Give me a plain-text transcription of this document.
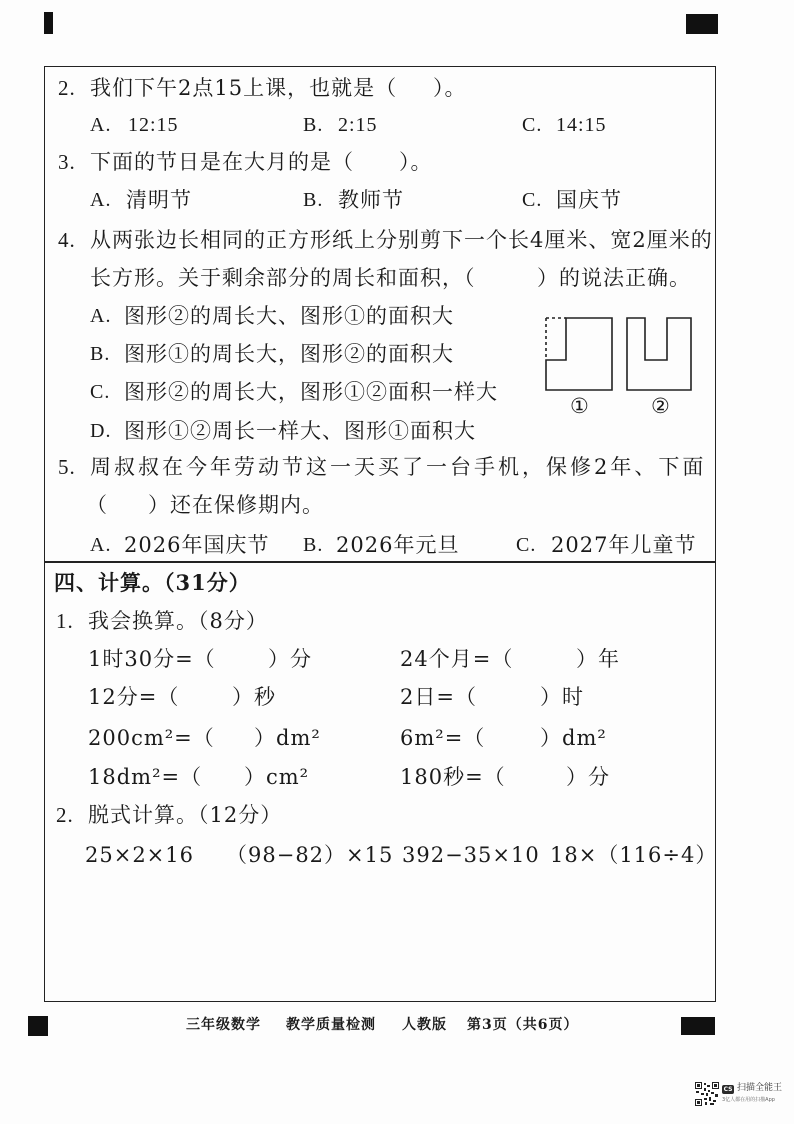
2. 我们下午2点15上课，也就是（ ）。
A. 12:15	B. 2:15	C. 14:15
3. 下面的节日是在大月的是（ ）。
A. 清明节	B. 教师节	C. 国庆节
4. 从两张边长相同的正方形纸上分别剪下一个长4厘米、宽2厘米的
长方形。关于剩余部分的周长和面积，（	）的说法正确。
A. 图形②的周长大、图形①的面积大
B. 图形①的周长大，图形②的面积大
C. 图形②的周长大，图形①②面积一样大
D. 图形①②周长一样大、图形①面积大
①	②
5. 周叔叔在今年劳动节这一天买了一台手机，保修2年、下面
（ ）还在保修期内。
A. 2026年国庆节 B. 2026年元旦	C. 2027年儿童节
四、计算。（31分）
1. 我会换算。（8分）
1时30分=（ ）分	24个月=（	）年
12分=（	）秒	2日=（	）时
200cm²=（ ）dm²	6m²=（	）dm²
18dm²=（ ）cm²	180秒=（	）分
2. 脱式计算。（12分）
25×2×16 （98−82）×15 392−35×10 18×（116÷4）
三年级数学 教学质量检测 人教版 第3页（共6页）
CS 扫描全能王
3亿人都在用的扫描App
